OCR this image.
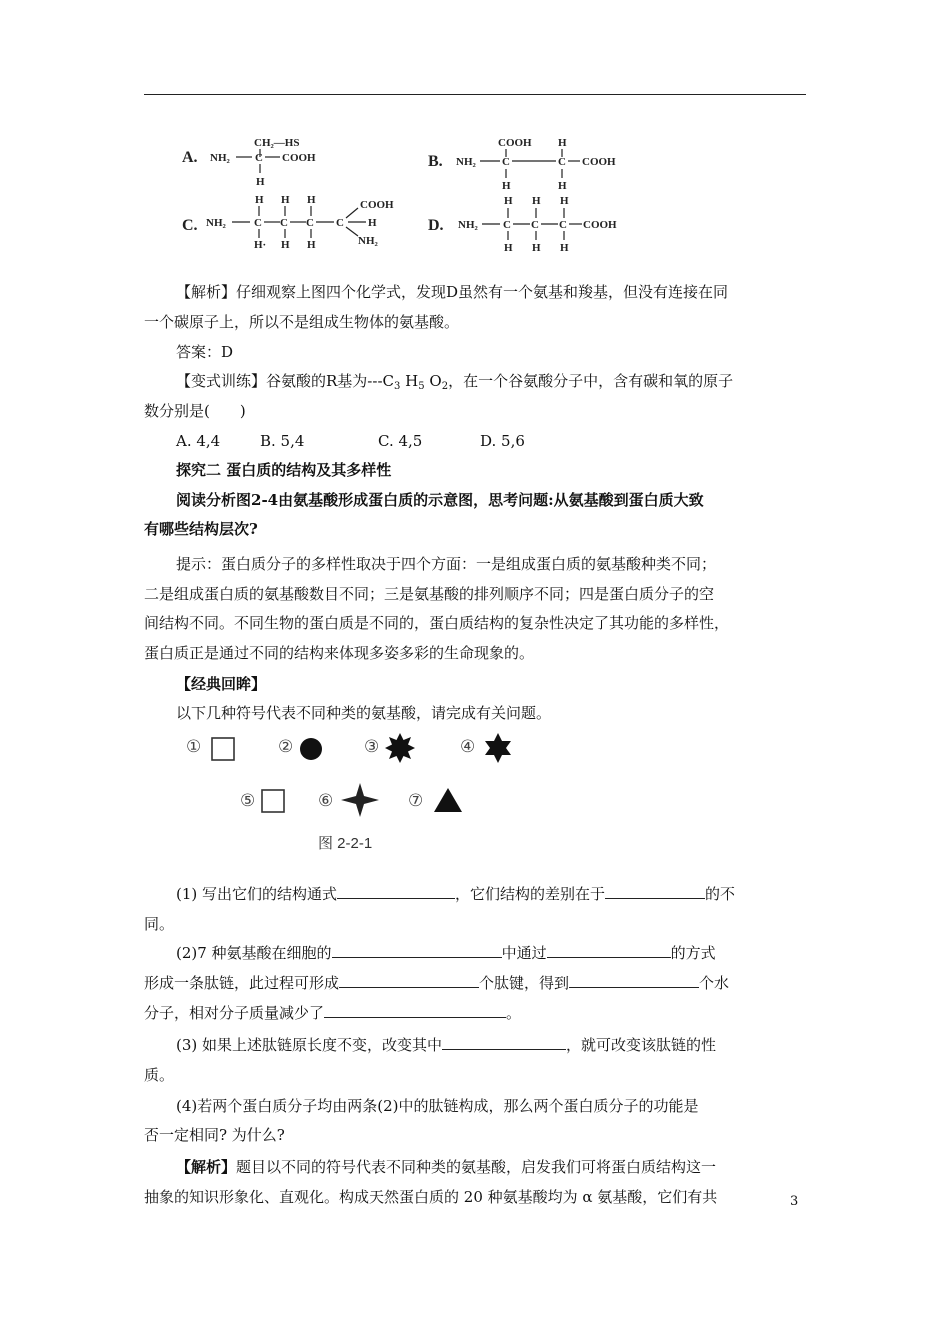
A.
CH₂—HS
NH₂ C COOH
H
B.
COOH H
NH₂ C	C COOH
H	H
C. NH₂
H H H
C C C C
COOH
H
NH₂
H· H H
D. NH₂
H H H
C C C COOH
H H H
【解析】仔细观察上图四个化学式，发现D虽然有一个氨基和羧基，但没有连接在同
一个碳原子上，所以不是组成生物体的氨基酸。
答案：D
【变式训练】谷氨酸的R基为$---C_3$ $H_5$ $O_2$，在一个谷氨酸分子中，含有碳和氧的原子
数分别是(　　)
A. 4,4	B. 5,4	C. 4,5	D. 5,6
探究二 蛋白质的结构及其多样性
阅读分析图2-4由氨基酸形成蛋白质的示意图，思考问题:从氨基酸到蛋白质大致
有哪些结构层次?
提示：蛋白质分子的多样性取决于四个方面：一是组成蛋白质的氨基酸种类不同；
二是组成蛋白质的氨基酸数目不同；三是氨基酸的排列顺序不同；四是蛋白质分子的空
间结构不同。不同生物的蛋白质是不同的，蛋白质结构的复杂性决定了其功能的多样性，
蛋白质正是通过不同的结构来体现多姿多彩的生命现象的。
【经典回眸】
以下几种符号代表不同种类的氨基酸，请完成有关问题。
①	②	③	④
⑤	⑥	⑦
图 2-2-1
(1) 写出它们的结构通式	，它们结构的差别在于	的不
同。
(2)7 种氨基酸在细胞的	中通过	的方式
形成一条肽链，此过程可形成	个肽键，得到	个水
分子，相对分子质量减少了	。
(3) 如果上述肽链原长度不变，改变其中	，就可改变该肽链的性
质。
(4)若两个蛋白质分子均由两条(2)中的肽链构成，那么两个蛋白质分子的功能是
否一定相同? 为什么?
【解析】题目以不同的符号代表不同种类的氨基酸，启发我们可将蛋白质结构这一
抽象的知识形象化、直观化。构成天然蛋白质的 20 种氨基酸均为 α 氨基酸，它们有共	3
